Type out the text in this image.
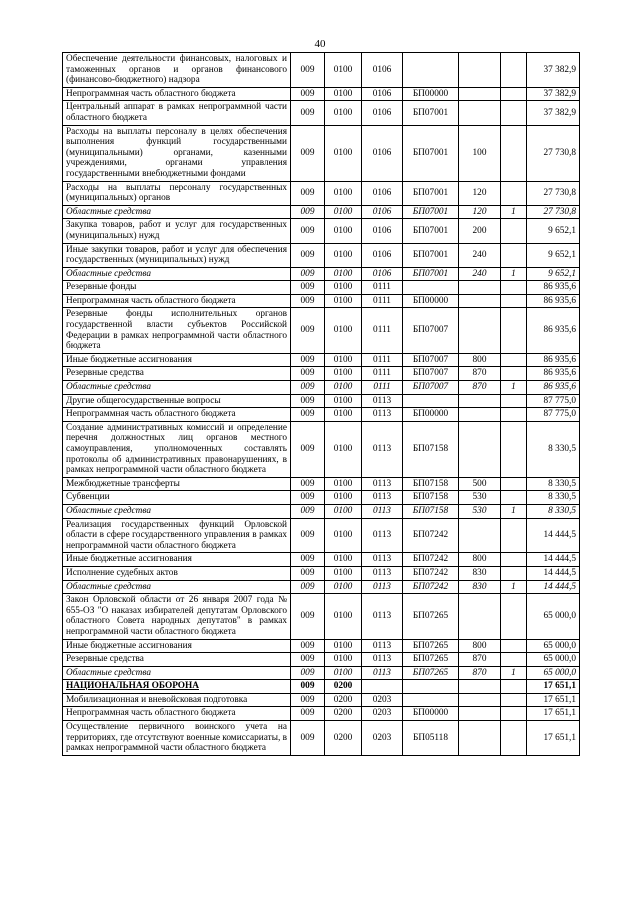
40
Обеспечение деятельности финансовых, налоговых и таможенных органов и органов финансового (финансово-бюджетного) надзора	009	0100	0106				37 382,9
Непрограммная часть областного бюджета	009	0100	0106	БП00000			37 382,9
Центральный аппарат в рамках непрограммной части областного бюджета	009	0100	0106	БП07001			37 382,9
Расходы на выплаты персоналу в целях обеспечения выполнения функций государственными (муниципальными) органами, казенными учреждениями, органами управления государственными внебюджетными фондами	009	0100	0106	БП07001	100		27 730,8
Расходы на выплаты персоналу государственных (муниципальных) органов	009	0100	0106	БП07001	120		27 730,8
Областные средства	009	0100	0106	БП07001	120	1	27 730,8
Закупка товаров, работ и услуг для государственных (муниципальных) нужд	009	0100	0106	БП07001	200		9 652,1
Иные закупки товаров, работ и услуг для обеспечения государственных (муниципальных) нужд	009	0100	0106	БП07001	240		9 652,1
Областные средства	009	0100	0106	БП07001	240	1	9 652,1
Резервные фонды	009	0100	0111				86 935,6
Непрограммная часть областного бюджета	009	0100	0111	БП00000			86 935,6
Резервные фонды исполнительных органов государственной власти субъектов Российской Федерации в рамках непрограммной части областного бюджета	009	0100	0111	БП07007			86 935,6
Иные бюджетные ассигнования	009	0100	0111	БП07007	800		86 935,6
Резервные средства	009	0100	0111	БП07007	870		86 935,6
Областные средства	009	0100	0111	БП07007	870	1	86 935,6
Другие общегосударственные вопросы	009	0100	0113				87 775,0
Непрограммная часть областного бюджета	009	0100	0113	БП00000			87 775,0
Создание административных комиссий и определение перечня должностных лиц органов местного самоуправления, уполномоченных составлять протоколы об административных правонарушениях, в рамках непрограммной части областного бюджета	009	0100	0113	БП07158			8 330,5
Межбюджетные трансферты	009	0100	0113	БП07158	500		8 330,5
Субвенции	009	0100	0113	БП07158	530		8 330,5
Областные средства	009	0100	0113	БП07158	530	1	8 330,5
Реализация государственных функций Орловской области в сфере государственного управления в рамках непрограммной части областного бюджета	009	0100	0113	БП07242			14 444,5
Иные бюджетные ассигнования	009	0100	0113	БП07242	800		14 444,5
Исполнение судебных актов	009	0100	0113	БП07242	830		14 444,5
Областные средства	009	0100	0113	БП07242	830	1	14 444,5
Закон Орловской области от 26 января 2007 года № 655-ОЗ "О наказах избирателей депутатам Орловского областного Совета народных депутатов" в рамках непрограммной части областного бюджета	009	0100	0113	БП07265			65 000,0
Иные бюджетные ассигнования	009	0100	0113	БП07265	800		65 000,0
Резервные средства	009	0100	0113	БП07265	870		65 000,0
Областные средства	009	0100	0113	БП07265	870	1	65 000,0
НАЦИОНАЛЬНАЯ ОБОРОНА	009	0200					17 651,1
Мобилизационная и вневойсковая подготовка	009	0200	0203				17 651,1
Непрограммная часть областного бюджета	009	0200	0203	БП00000			17 651,1
Осуществление первичного воинского учета на территориях, где отсутствуют военные комиссариаты, в рамках непрограммной части областного бюджета	009	0200	0203	БП05118			17 651,1
